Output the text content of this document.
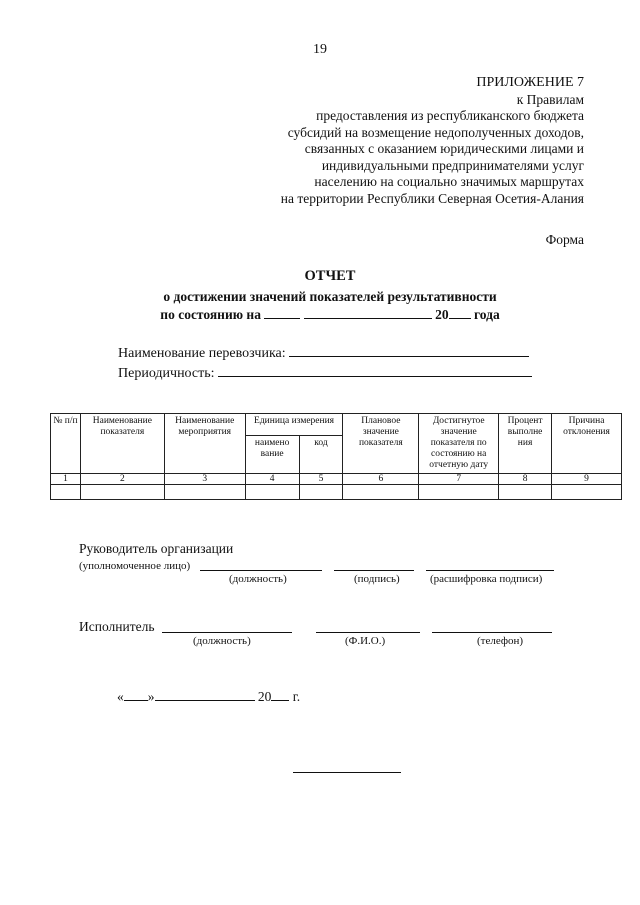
19
ПРИЛОЖЕНИЕ 7
к Правилам
предоставления из республиканского бюджета
субсидий на возмещение недополученных доходов,
связанных с оказанием юридическими лицами и
индивидуальными предпринимателями услуг
населению на социально значимых маршрутах
на территории Республики Северная Осетия-Алания
Форма
ОТЧЕТ
о достижении значений показателей результативности
по состоянию на	20 года
Наименование перевозчика:
Периодичность:
№ п/п	Наименование показателя	Наименование мероприятия	Единица измерения		Плановое значение показателя	Достигнутое значение показателя по состоянию на отчетную дату	Процент выполне ния	Причина отклонения
			наимено вание	код				
1	2	3	4	5	6	7	8	9

Руководитель организации
(уполномоченное лицо)
(должность)	(подпись)	(расшифровка подписи)
Исполнитель
(должность)	(Ф.И.О.)	(телефон)
« »	20 г.
